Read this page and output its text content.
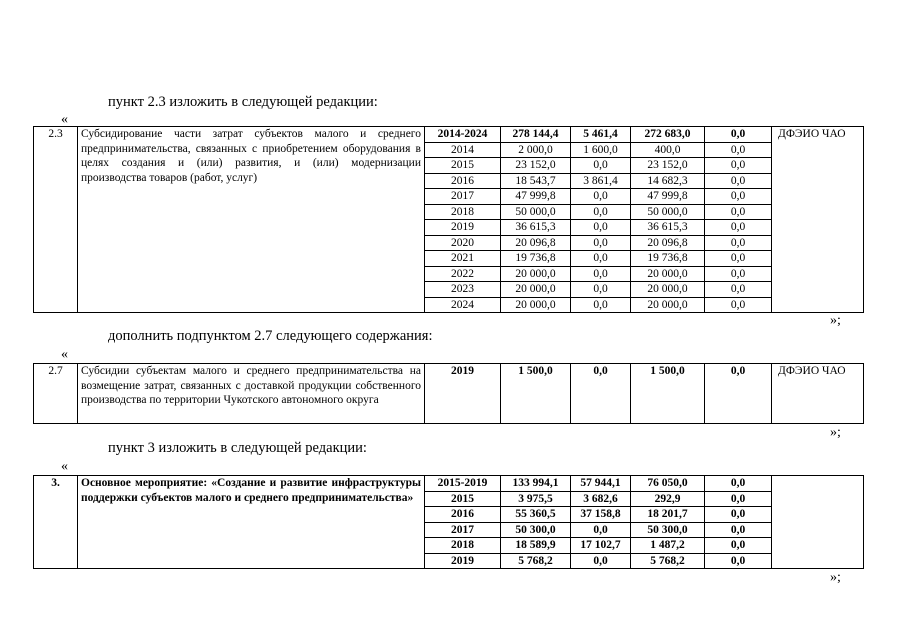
пункт 2.3 изложить в следующей редакции:
«
2.3	Субсидирование части затрат субъектов малого и среднего предпринимательства, связанных с приобретением оборудования в целях создания и (или) развития, и (или) модернизации производства товаров (работ, услуг)	2014-2024	278 144,4	5 461,4	272 683,0	0,0	ДФЭИО ЧАО
		2014	2 000,0	1 600,0	400,0	0,0	
		2015	23 152,0	0,0	23 152,0	0,0	
		2016	18 543,7	3 861,4	14 682,3	0,0	
		2017	47 999,8	0,0	47 999,8	0,0	
		2018	50 000,0	0,0	50 000,0	0,0	
		2019	36 615,3	0,0	36 615,3	0,0	
		2020	20 096,8	0,0	20 096,8	0,0	
		2021	19 736,8	0,0	19 736,8	0,0	
		2022	20 000,0	0,0	20 000,0	0,0	
		2023	20 000,0	0,0	20 000,0	0,0	
		2024	20 000,0	0,0	20 000,0	0,0	
»;
дополнить подпунктом 2.7 следующего содержания:
«
2.7	Субсидии субъектам малого и среднего предпринимательства на возмещение затрат, связанных с доставкой продукции собственного производства по территории Чукотского автономного округа	2019	1 500,0	0,0	1 500,0	0,0	ДФЭИО ЧАО
»;
пункт 3 изложить в следующей редакции:
«
3.	Основное мероприятие: «Создание и развитие инфраструктуры поддержки субъектов малого и среднего предпринимательства»	2015-2019	133 994,1	57 944,1	76 050,0	0,0	
		2015	3 975,5	3 682,6	292,9	0,0	
		2016	55 360,5	37 158,8	18 201,7	0,0	
		2017	50 300,0	0,0	50 300,0	0,0	
		2018	18 589,9	17 102,7	1 487,2	0,0	
		2019	5 768,2	0,0	5 768,2	0,0	
»;
